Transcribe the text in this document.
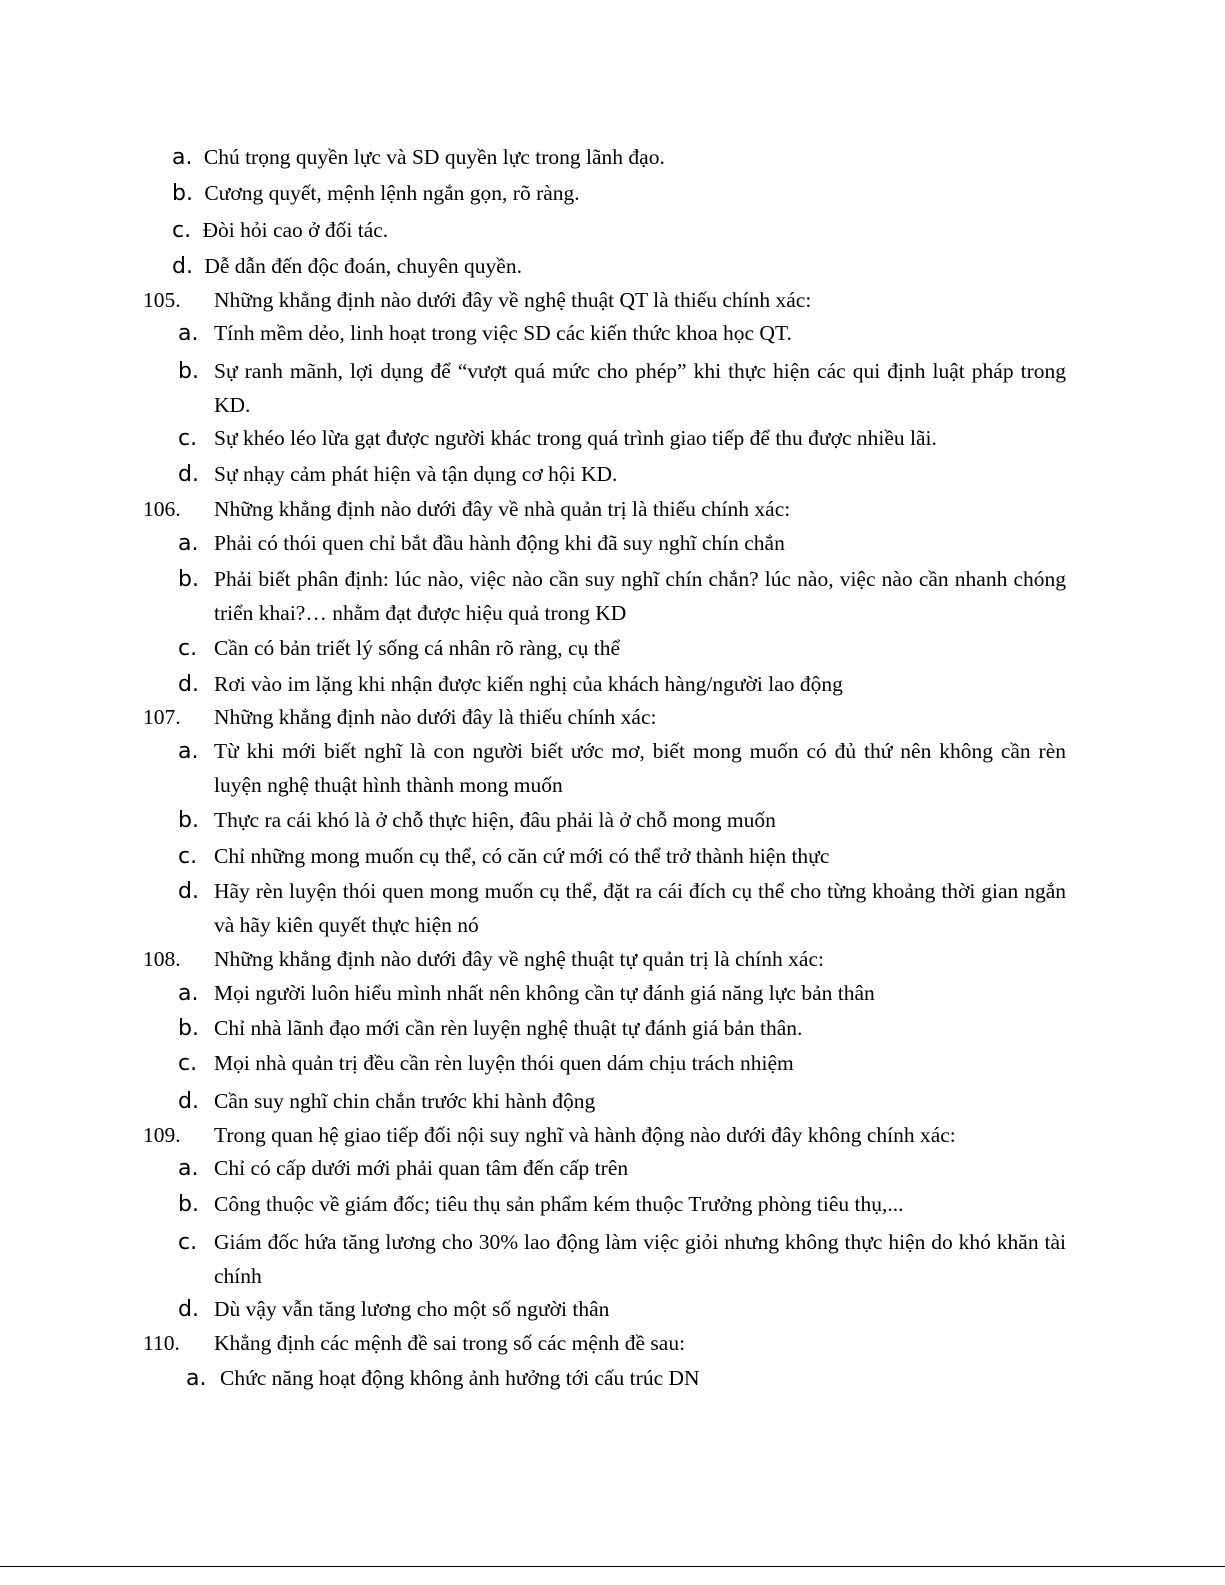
a. Chú trọng quyền lực và SD quyền lực trong lãnh đạo.
b. Cương quyết, mệnh lệnh ngắn gọn, rõ ràng.
c. Đòi hỏi cao ở đối tác.
d. Dễ dẫn đến độc đoán, chuyên quyền.
105. Những khẳng định nào dưới đây về nghệ thuật QT là thiếu chính xác:
a. Tính mềm dẻo, linh hoạt trong việc SD các kiến thức khoa học QT.
b. Sự ranh mãnh, lợi dụng để “vượt quá mức cho phép” khi thực hiện các qui định luật pháp trong KD.
c. Sự khéo léo lừa gạt được người khác trong quá trình giao tiếp để thu được nhiều lãi.
d. Sự nhạy cảm phát hiện và tận dụng cơ hội KD.
106. Những khẳng định nào dưới đây về nhà quản trị là thiếu chính xác:
a. Phải có thói quen chỉ bắt đầu hành động khi đã suy nghĩ chín chắn
b. Phải biết phân định: lúc nào, việc nào cần suy nghĩ chín chắn? lúc nào, việc nào cần nhanh chóng triển khai?… nhằm đạt được hiệu quả trong KD
c. Cần có bản triết lý sống cá nhân rõ ràng, cụ thể
d. Rơi vào im lặng khi nhận được kiến nghị của khách hàng/người lao động
107. Những khẳng định nào dưới đây là thiếu chính xác:
a. Từ khi mới biết nghĩ là con người biết ước mơ, biết mong muốn có đủ thứ nên không cần rèn luyện nghệ thuật hình thành mong muốn
b. Thực ra cái khó là ở chỗ thực hiện, đâu phải là ở chỗ mong muốn
c. Chỉ những mong muốn cụ thể, có căn cứ mới có thể trở thành hiện thực
d. Hãy rèn luyện thói quen mong muốn cụ thể, đặt ra cái đích cụ thể cho từng khoảng thời gian ngắn và hãy kiên quyết thực hiện nó
108. Những khẳng định nào dưới đây về nghệ thuật tự quản trị là chính xác:
a. Mọi người luôn hiểu mình nhất nên không cần tự đánh giá năng lực bản thân
b. Chỉ nhà lãnh đạo mới cần rèn luyện nghệ thuật tự đánh giá bản thân.
c. Mọi nhà quản trị đều cần rèn luyện thói quen dám chịu trách nhiệm
d. Cần suy nghĩ chin chắn trước khi hành động
109. Trong quan hệ giao tiếp đối nội suy nghĩ và hành động nào dưới đây không chính xác:
a. Chỉ có cấp dưới mới phải quan tâm đến cấp trên
b. Công thuộc về giám đốc; tiêu thụ sản phẩm kém thuộc Trưởng phòng tiêu thụ,...
c. Giám đốc hứa tăng lương cho 30% lao động làm việc giỏi nhưng không thực hiện do khó khăn tài chính
d. Dù vậy vẫn tăng lương cho một số người thân
110. Khẳng định các mệnh đề sai trong số các mệnh đề sau:
a. Chức năng hoạt động không ảnh hưởng tới cấu trúc DN
